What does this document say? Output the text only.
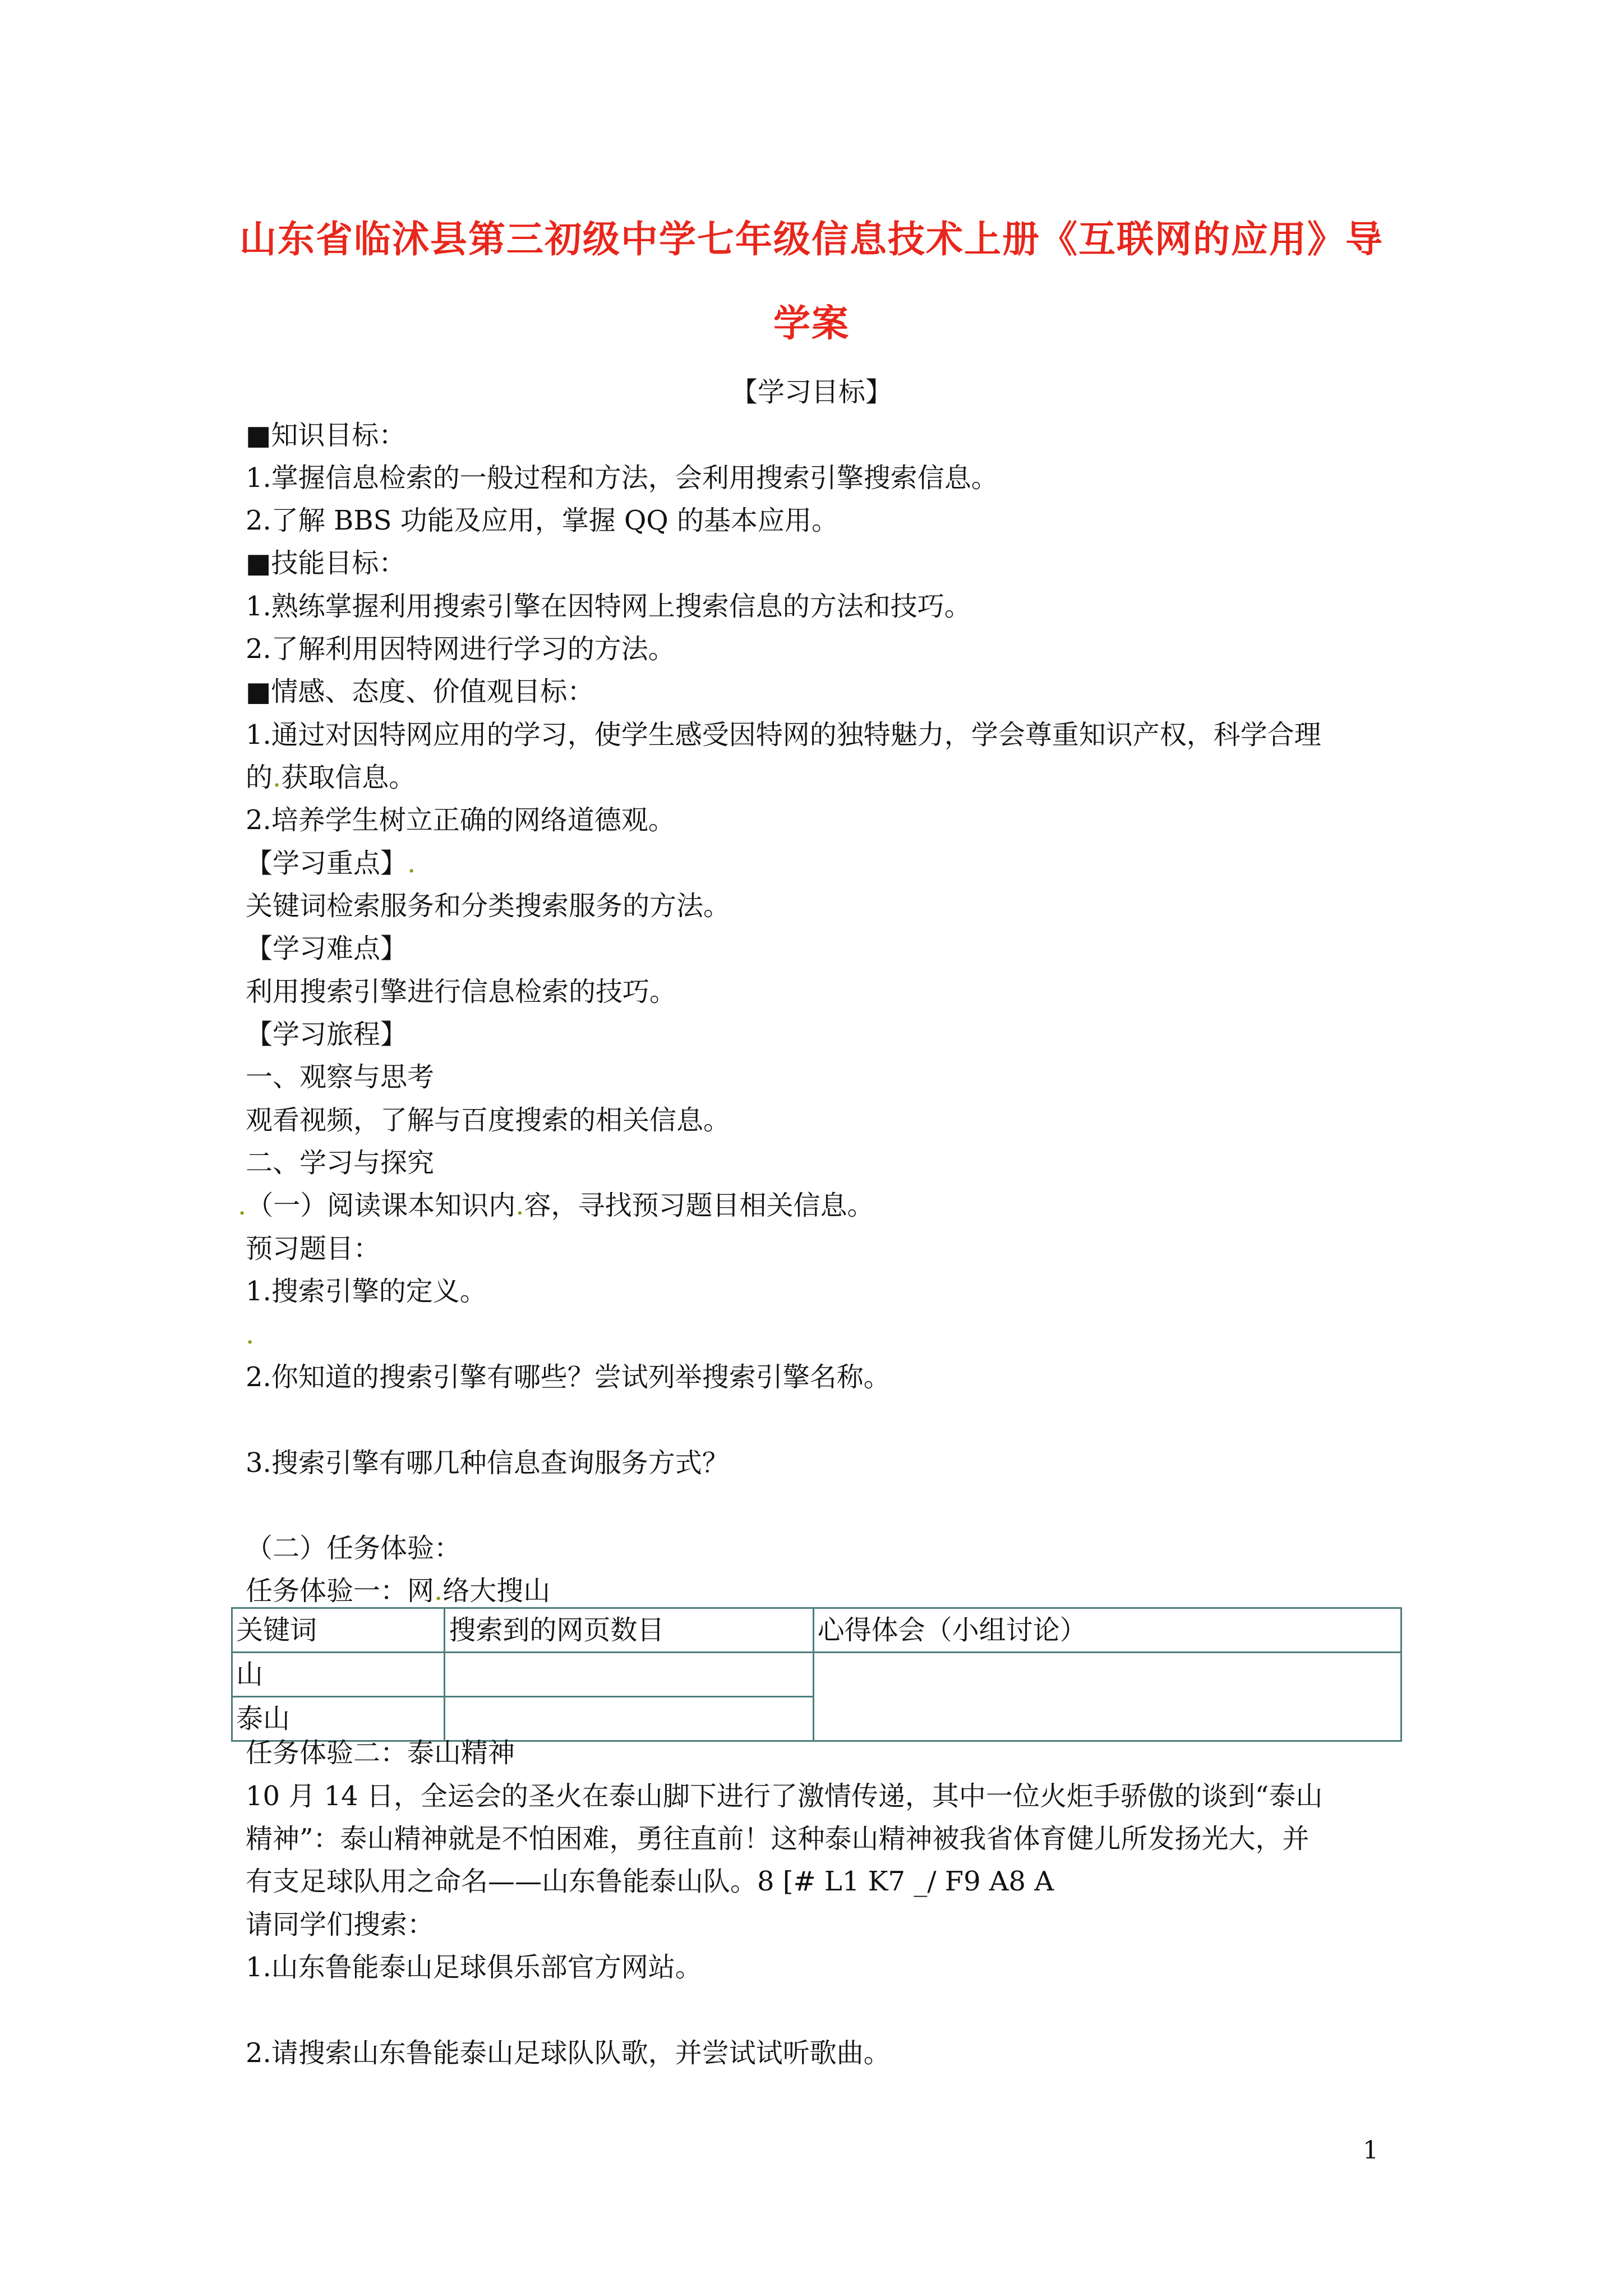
山东省临沭县第三初级中学七年级信息技术上册《互联网的应用》导
学案
【学习目标】
■知识目标：
1.掌握信息检索的一般过程和方法，会利用搜索引擎搜索信息。
2.了解 BBS 功能及应用，掌握 QQ 的基本应用。
■技能目标：
1.熟练掌握利用搜索引擎在因特网上搜索信息的方法和技巧。
2.了解利用因特网进行学习的方法。
■情感、态度、价值观目标：
1.通过对因特网应用的学习，使学生感受因特网的独特魅力，学会尊重知识产权，科学合理
的.获取信息。
2.培养学生树立正确的网络道德观。
【学习重点】.
关键词检索服务和分类搜索服务的方法。
【学习难点】
利用搜索引擎进行信息检索的技巧。
【学习旅程】
一、观察与思考
观看视频，了解与百度搜索的相关信息。
二、学习与探究
.（一）阅读课本知识内.容，寻找预习题目相关信息。
预习题目：
1.搜索引擎的定义。
.
2.你知道的搜索引擎有哪些？尝试列举搜索引擎名称。
3.搜索引擎有哪几种信息查询服务方式？
（二）任务体验：
任务体验一：网.络大搜山
关键词	搜索到的网页数目	心得体会（小组讨论）
山		
泰山		
任务体验二：泰山精神
10 月 14 日，全运会的圣火在泰山脚下进行了激情传递，其中一位火炬手骄傲的谈到“泰山
精神”：泰山精神就是不怕困难，勇往直前！这种泰山精神被我省体育健儿所发扬光大，并
有支足球队用之命名——山东鲁能泰山队。8 [# L1 K7 _/ F9 A8 A
请同学们搜索：
1.山东鲁能泰山足球俱乐部官方网站。
2.请搜索山东鲁能泰山足球队队歌，并尝试试听歌曲。
1
